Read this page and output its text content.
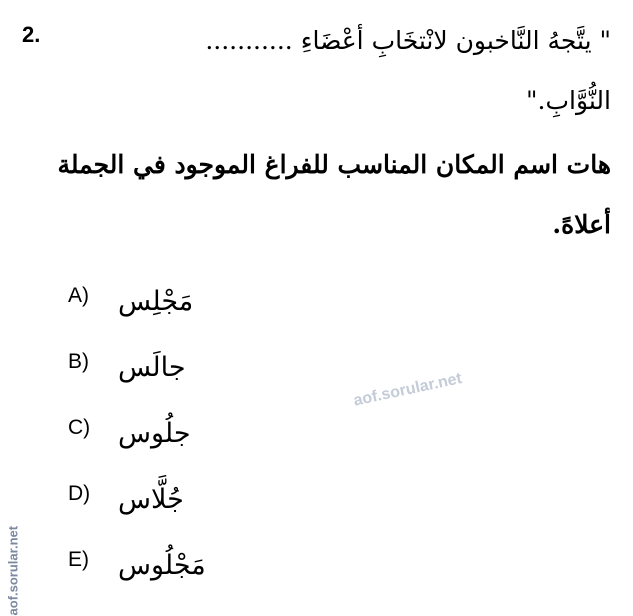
2.	" يتَّجهُ النَّاخبون لانْتخَابِ أعْضَاءِ ...........
النُّوَّابِ."
هات اسم المكان المناسب للفراغ الموجود في الجملة
أعلاهً.
A) مَجْلِس
B) جالَس
C) جلُوس
D) جُلَّاس
E) مَجْلُوس
aof.sorular.net
aof.sorular.net
